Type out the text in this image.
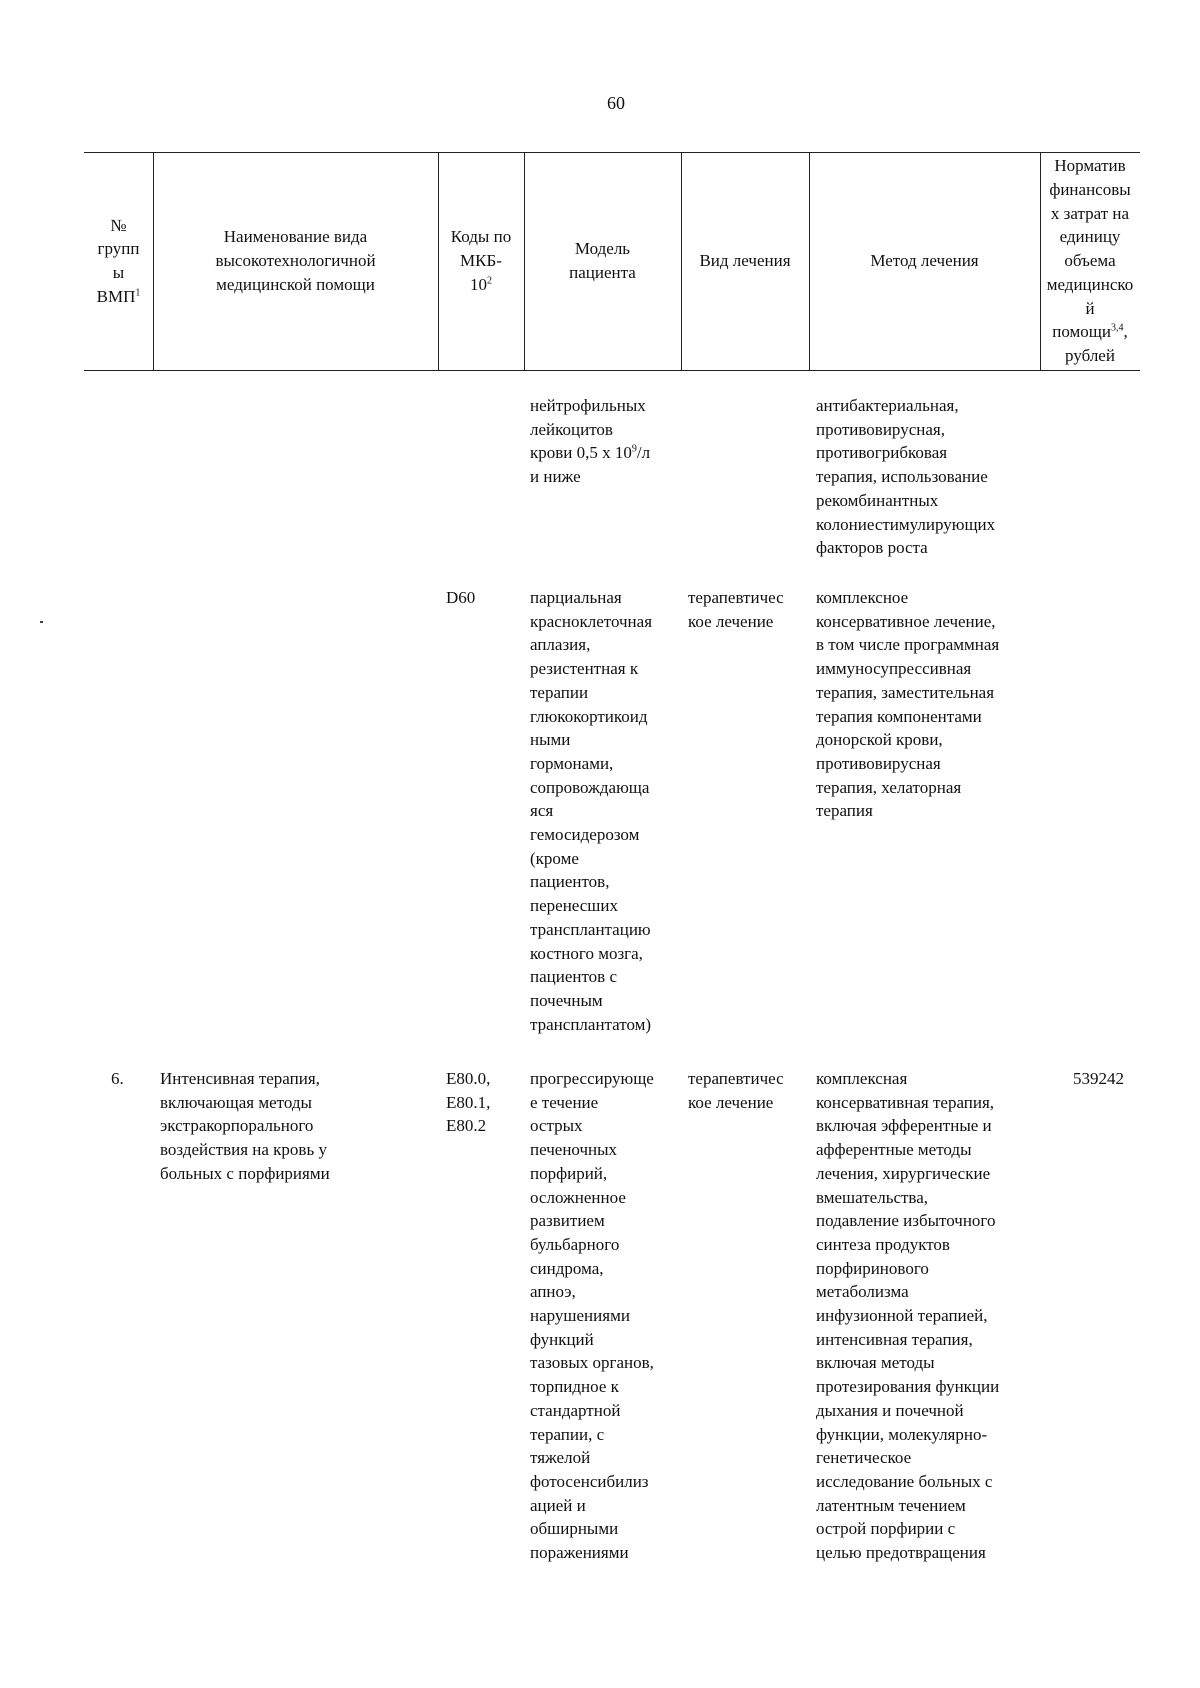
60
№
групп
ы
ВМП$^1$
Наименование вида
высокотехнологичной
медицинской помощи
Коды по
МКБ-
$10^2$
Модель
пациента
Вид лечения	Метод лечения
Норматив
финансовы
х затрат на
единицу
объема
медицинско
й
помощи$^{3,4}$,
рублей
нейтрофильных
лейкоцитов
крови 0,5 х $10^9/л$
и ниже
антибактериальная,
противовирусная,
противогрибковая
терапия, использование
рекомбинантных
колониестимулирующих
факторов роста
D60	парциальная
красноклеточная
аплазия,
резистентная к
терапии
глюкокортикоид
ными
гормонами,
сопровождающа
яся
гемосидерозом
(кроме
пациентов,
перенесших
трансплантацию
костного мозга,
пациентов с
почечным
трансплантатом)
терапевтичес
кое лечение
комплексное
консервативное лечение,
в том числе программная
иммуносупрессивная
терапия, заместительная
терапия компонентами
донорской крови,
противовирусная
терапия, хелаторная
терапия
6. Интенсивная терапия,
включающая методы
экстракорпорального
воздействия на кровь у
больных с порфириями
E80.0,
E80.1,
E80.2
прогрессирующе
е течение
острых
печеночных
порфирий,
осложненное
развитием
бульбарного
синдрома,
апноэ,
нарушениями
функций
тазовых органов,
торпидное к
стандартной
терапии, с
тяжелой
фотосенсибилиз
ацией и
обширными
поражениями
терапевтичес
кое лечение
комплексная
консервативная терапия,
включая эфферентные и
афферентные методы
лечения, хирургические
вмешательства,
подавление избыточного
синтеза продуктов
порфиринового
метаболизма
инфузионной терапией,
интенсивная терапия,
включая методы
протезирования функции
дыхания и почечной
функции, молекулярно-
генетическое
исследование больных с
латентным течением
острой порфирии с
целью предотвращения
539242
